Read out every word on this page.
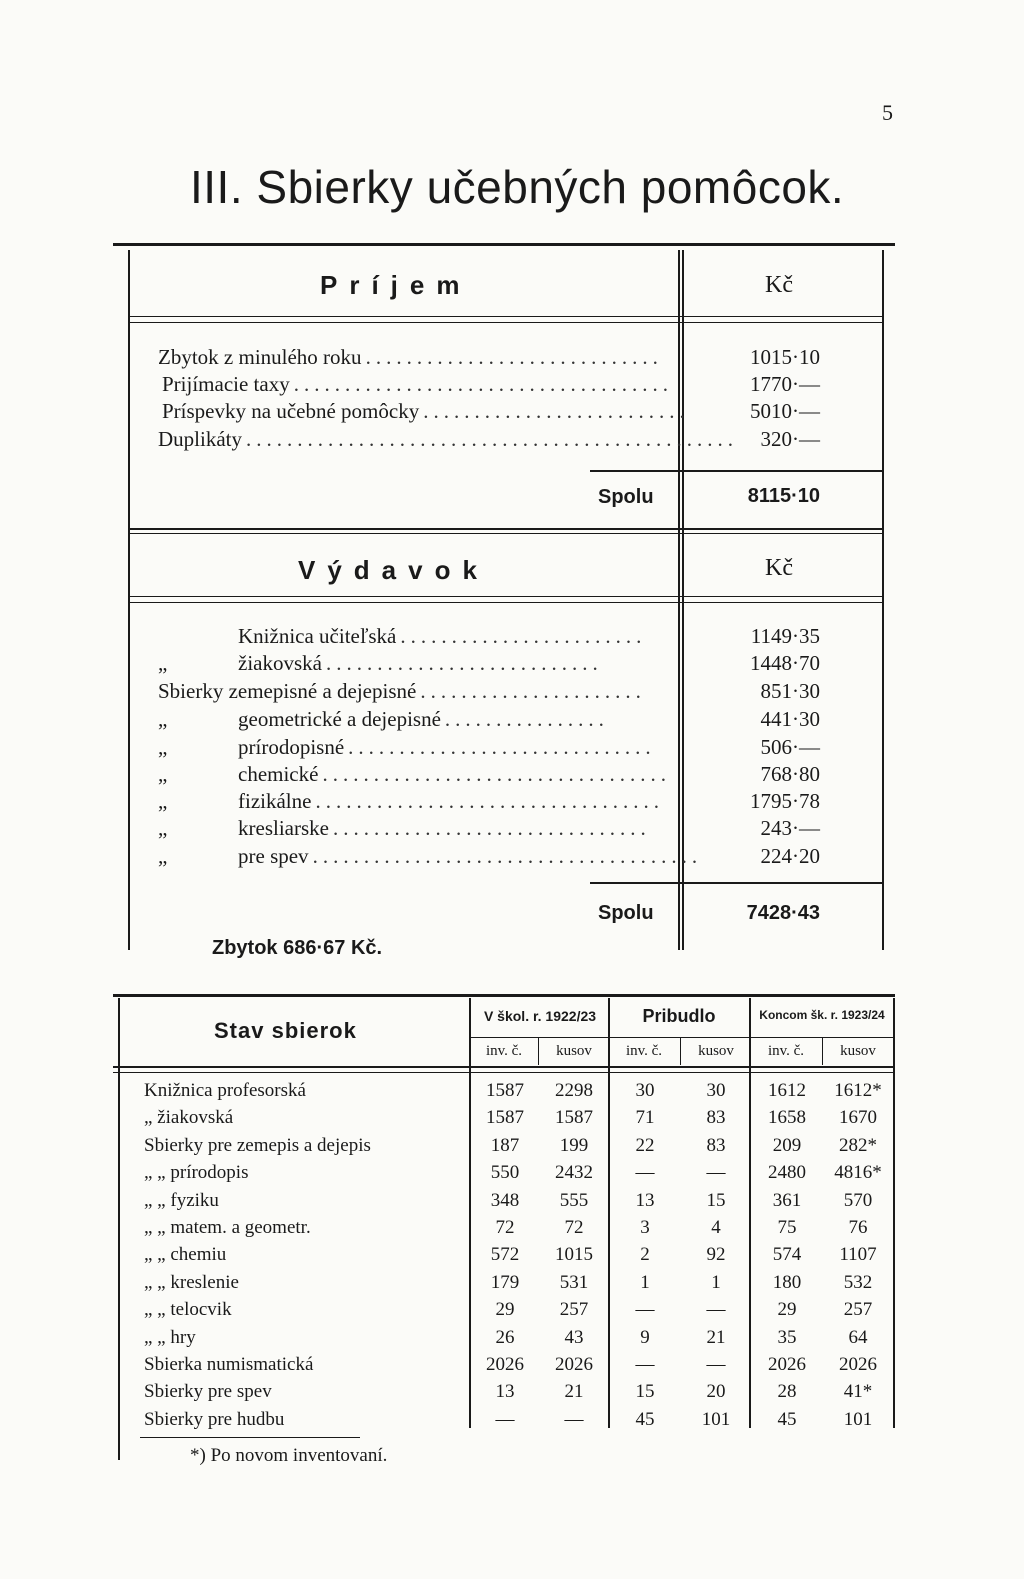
5
III. Sbierky učebných pomôcok.
Príjem	Kč
Zbytok z minulého roku .............................	1015·10
Prijímacie taxy .....................................	1770·—
Príspevky na učebné pomôcky ..........................	5010·—
Duplikáty ................................................	320·—
Spolu	8115·10
Výdavok	Kč
Knižnica učiteľská ........................	1149·35
„	žiakovská ...........................	1448·70
Sbierky zemepisné a dejepisné ......................	851·30
„	geometrické a dejepisné ................	441·30
„	prírodopisné ..............................	506·—
„	chemické ..................................	768·80
„	fizikálne ..................................	1795·78
„	kresliarske ...............................	243·—
„	pre spev ......................................	224·20
Spolu	7428·43
Zbytok 686·67 Kč.
Stav sbierok
V škol. r. 1922/23	Pribudlo	Koncom šk. r. 1923/24
inv. č.	kusov	inv. č.	kusov	inv. č.	kusov
Knižnica profesorská	1587	2298	30	30	1612	1612*
„ žiakovská	1587	1587	71	83	1658	1670
Sbierky pre zemepis a dejepis	187	199	22	83	209	282*
„ „ prírodopis	550	2432	—	—	2480	4816*
„ „ fyziku	348	555	13	15	361	570
„ „ matem. a geometr.	72	72	3	4	75	76
„ „ chemiu	572	1015	2	92	574	1107
„ „ kreslenie	179	531	1	1	180	532
„ „ telocvik	29	257	—	—	29	257
„ „ hry	26	43	9	21	35	64
Sbierka numismatická	2026	2026	—	—	2026	2026
Sbierky pre spev	13	21	15	20	28	41*
Sbierky pre hudbu	—	—	45	101	45	101
*) Po novom inventovaní.
